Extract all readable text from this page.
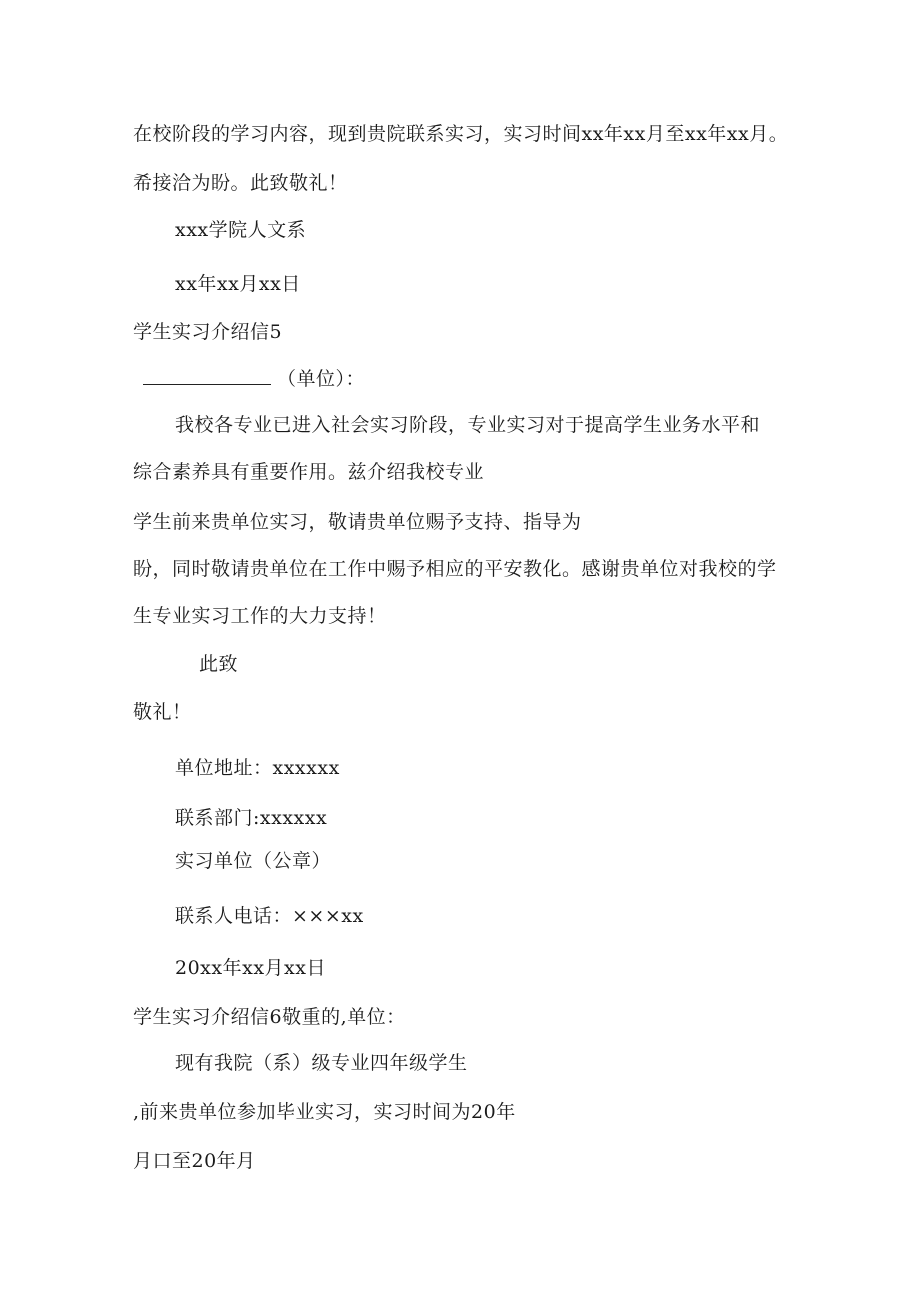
在校阶段的学习内容，现到贵院联系实习，实习时间xx年xx月至xx年xx月。
希接洽为盼。此致敬礼！
xxx学院人文系
xx年xx月xx日
学生实习介绍信5
（单位）：
我校各专业已进入社会实习阶段，专业实习对于提高学生业务水平和
综合素养具有重要作用。兹介绍我校专业
学生前来贵单位实习，敬请贵单位赐予支持、指导为
盼，同时敬请贵单位在工作中赐予相应的平安教化。感谢贵单位对我校的学
生专业实习工作的大力支持！
此致
敬礼！
单位地址：xxxxxx
联系部门:xxxxxx
实习单位（公章）
联系人电话：×××xx
20xx年xx月xx日
学生实习介绍信6敬重的,单位：
现有我院（系）级专业四年级学生
,前来贵单位参加毕业实习，实习时间为20年
月口至20年月
